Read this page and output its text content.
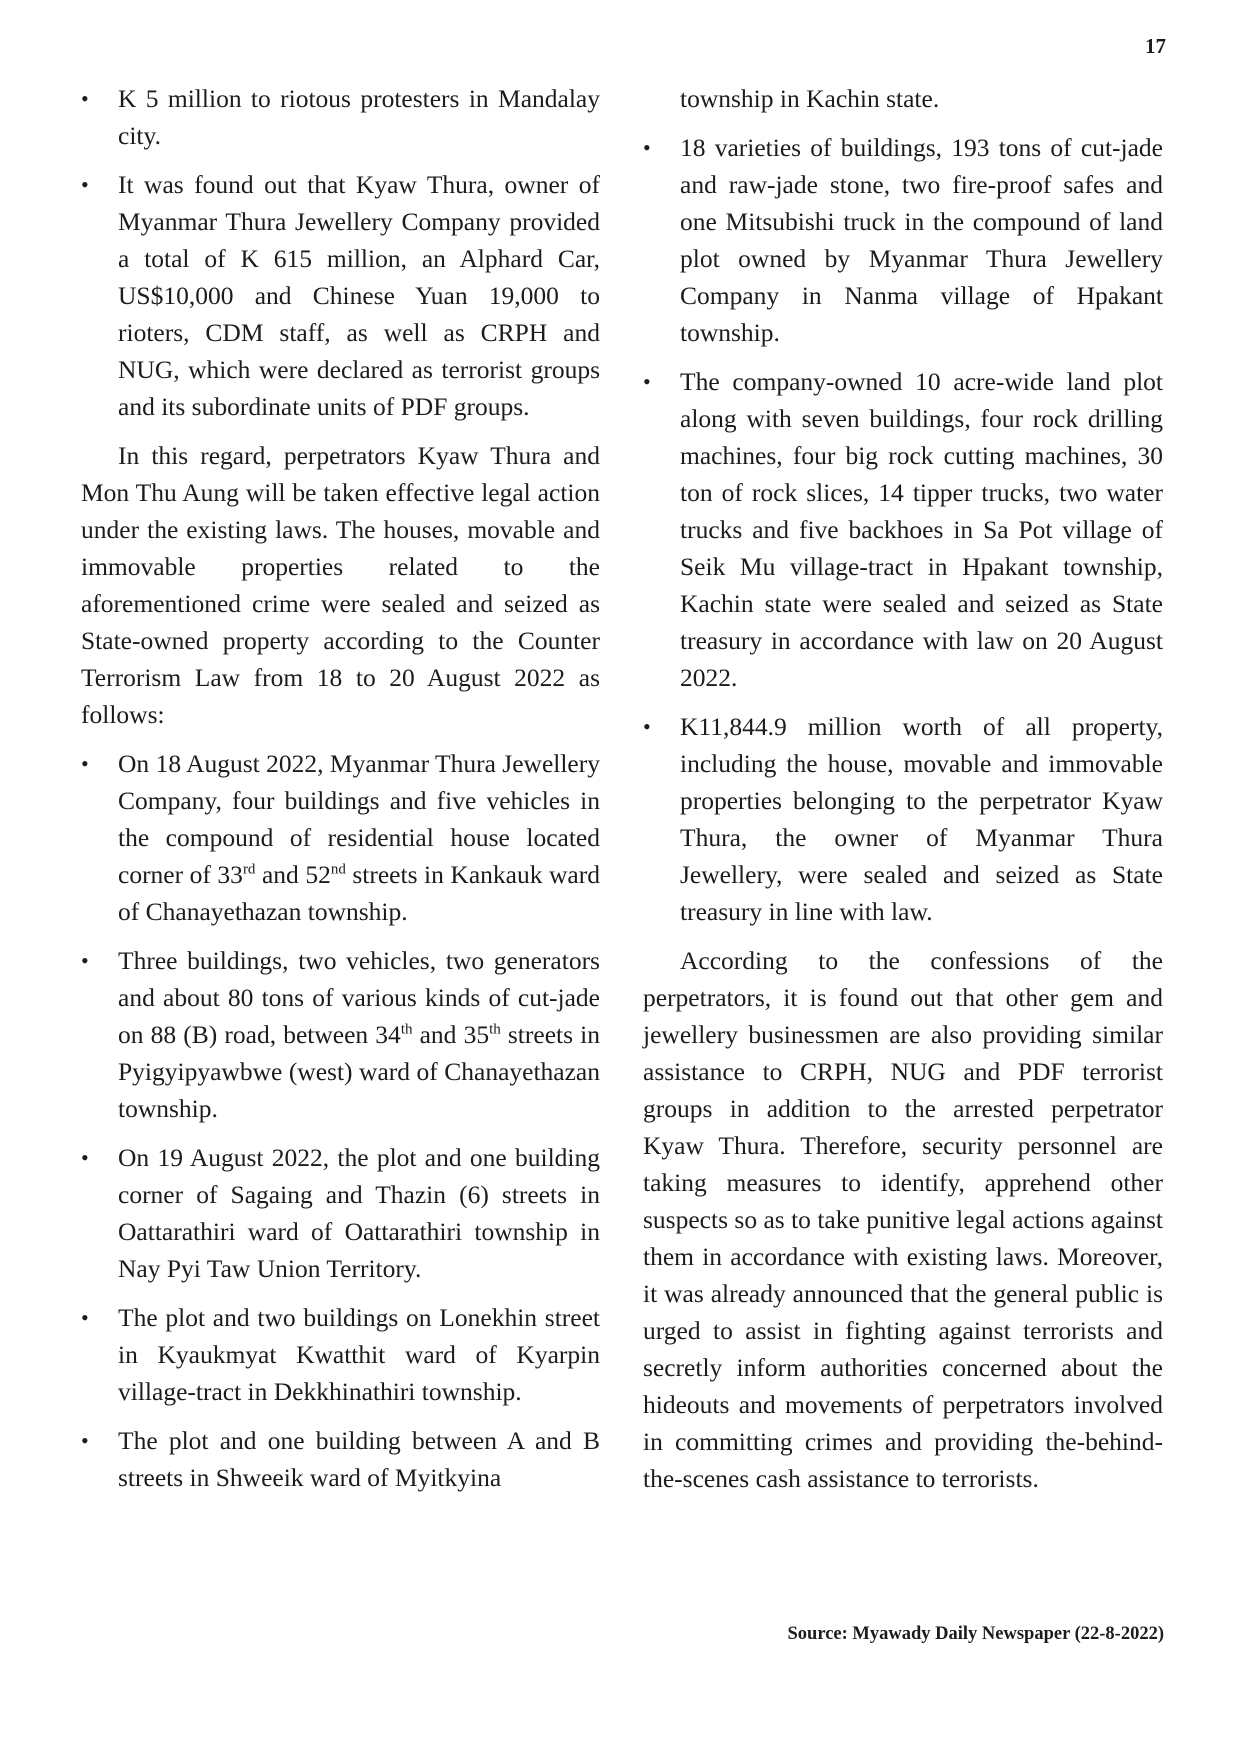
17
• K 5 million to riotous protesters in Mandalay city.
• It was found out that Kyaw Thura, owner of Myanmar Thura Jewellery Company provided a total of K 615 million, an Alphard Car, US$10,000 and Chinese Yuan 19,000 to rioters, CDM staff, as well as CRPH and NUG, which were declared as terrorist groups and its subordinate units of PDF groups.

In this regard, perpetrators Kyaw Thura and Mon Thu Aung will be taken effective legal action under the existing laws. The houses, movable and immovable properties related to the aforementioned crime were sealed and seized as State-owned property according to the Counter Terrorism Law from 18 to 20 August 2022 as follows:

• On 18 August 2022, Myanmar Thura Jewellery Company, four buildings and five vehicles in the compound of residential house located corner of 33rd and 52nd streets in Kankauk ward of Chanayethazan township.
• Three buildings, two vehicles, two generators and about 80 tons of various kinds of cut-jade on 88 (B) road, between 34th and 35th streets in Pyigyipyawbwe (west) ward of Chanayethazan township.
• On 19 August 2022, the plot and one building corner of Sagaing and Thazin (6) streets in Oattarathiri ward of Oattarathiri township in Nay Pyi Taw Union Territory.
• The plot and two buildings on Lonekhin street in Kyaukmyat Kwatthit ward of Kyarpin village-tract in Dekkhinathiri township.
• The plot and one building between A and B streets in Shweeik ward of Myitkyina

township in Kachin state.

• 18 varieties of buildings, 193 tons of cut-jade and raw-jade stone, two fire-proof safes and one Mitsubishi truck in the compound of land plot owned by Myanmar Thura Jewellery Company in Nanma village of Hpakant township.
• The company-owned 10 acre-wide land plot along with seven buildings, four rock drilling machines, four big rock cutting machines, 30 ton of rock slices, 14 tipper trucks, two water trucks and five backhoes in Sa Pot village of Seik Mu village-tract in Hpakant township, Kachin state were sealed and seized as State treasury in accordance with law on 20 August 2022.
• K11,844.9 million worth of all property, including the house, movable and immovable properties belonging to the perpetrator Kyaw Thura, the owner of Myanmar Thura Jewellery, were sealed and seized as State treasury in line with law.

According to the confessions of the perpetrators, it is found out that other gem and jewellery businessmen are also providing similar assistance to CRPH, NUG and PDF terrorist groups in addition to the arrested perpetrator Kyaw Thura. Therefore, security personnel are taking measures to identify, apprehend other suspects so as to take punitive legal actions against them in accordance with existing laws. Moreover, it was already announced that the general public is urged to assist in fighting against terrorists and secretly inform authorities concerned about the hideouts and movements of perpetrators involved in committing crimes and providing the-behind-the-scenes cash assistance to terrorists.

Source: Myawady Daily Newspaper (22-8-2022)
